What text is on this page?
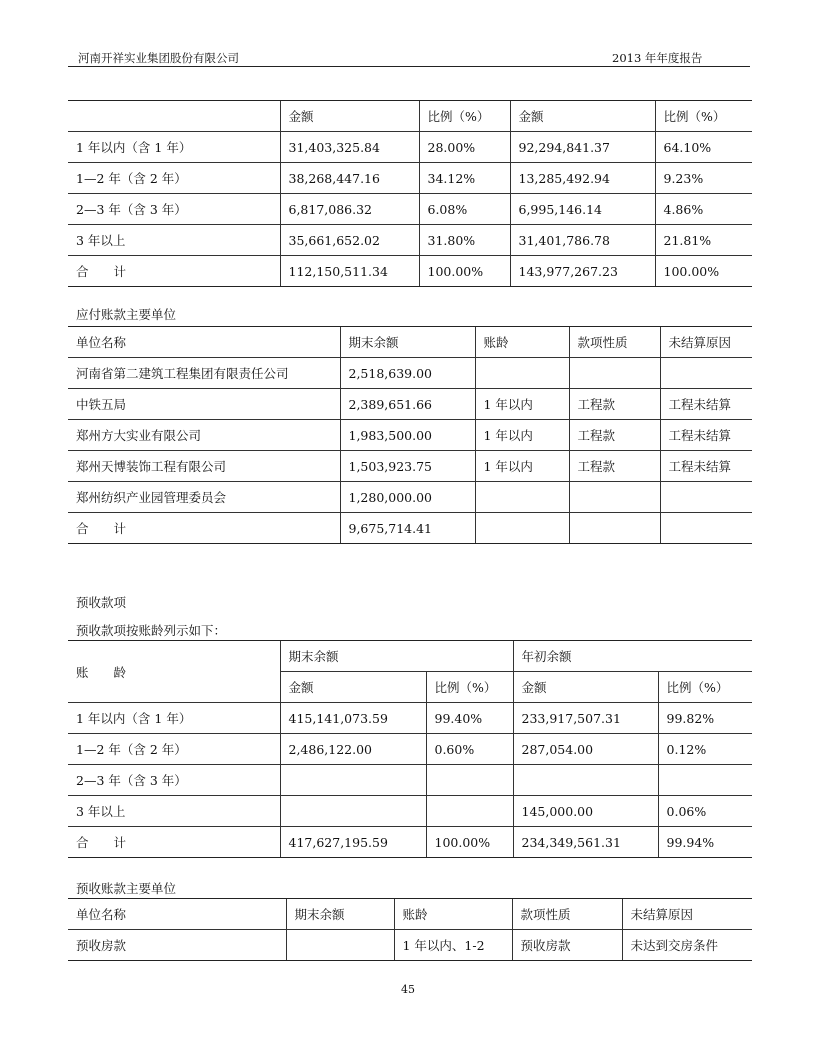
河南开祥实业集团股份有限公司	2013 年年度报告
	金额	比例（%）	金额	比例（%）
1 年以内（含 1 年）	31,403,325.84	28.00%	92,294,841.37	64.10%
1—2 年（含 2 年）	38,268,447.16	34.12%	13,285,492.94	9.23%
2—3 年（含 3 年）	6,817,086.32	6.08%	6,995,146.14	4.86%
3 年以上	35,661,652.02	31.80%	31,401,786.78	21.81%
合　　计	112,150,511.34	100.00%	143,977,267.23	100.00%
应付账款主要单位
单位名称	期末余额	账龄	款项性质	未结算原因
河南省第二建筑工程集团有限责任公司	2,518,639.00			
中铁五局	2,389,651.66	1 年以内	工程款	工程未结算
郑州方大实业有限公司	1,983,500.00	1 年以内	工程款	工程未结算
郑州天博装饰工程有限公司	1,503,923.75	1 年以内	工程款	工程未结算
郑州纺织产业园管理委员会	1,280,000.00			
合　　计	9,675,714.41			
预收款项
预收款项按账龄列示如下：
账　　龄	期末余额		年初余额	
	金额	比例（%）	金额	比例（%）
1 年以内（含 1 年）	415,141,073.59	99.40%	233,917,507.31	99.82%
1—2 年（含 2 年）	2,486,122.00	0.60%	287,054.00	0.12%
2—3 年（含 3 年）				
3 年以上			145,000.00	0.06%
合　　计	417,627,195.59	100.00%	234,349,561.31	99.94%
预收账款主要单位
单位名称	期末余额	账龄	款项性质	未结算原因
预收房款		1 年以内、1-2	预收房款	未达到交房条件
45
